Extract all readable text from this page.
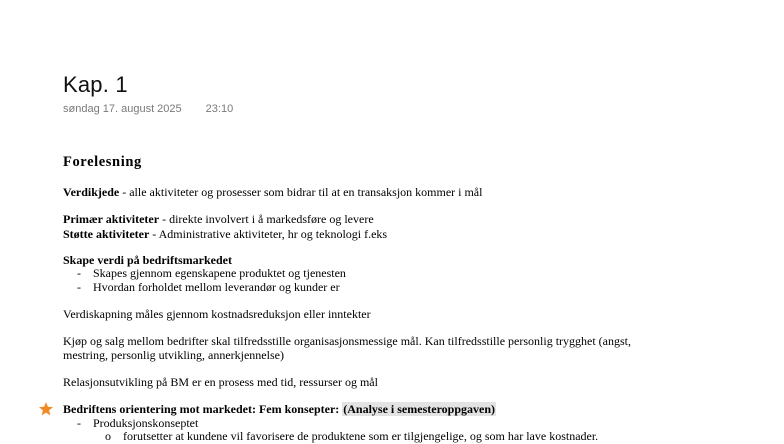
Kap. 1
søndag 17. august 2025 23:10
Forelesning
Verdikjede - alle aktiviteter og prosesser som bidrar til at en transaksjon kommer i mål
Primær aktiviteter - direkte involvert i å markedsføre og levere
Støtte aktiviteter - Administrative aktiviteter, hr og teknologi f.eks
Skape verdi på bedriftsmarkedet
- Skapes gjennom egenskapene produktet og tjenesten
- Hvordan forholdet mellom leverandør og kunder er
Verdiskapning måles gjennom kostnadsreduksjon eller inntekter
Kjøp og salg mellom bedrifter skal tilfredsstille organisasjonsmessige mål. Kan tilfredsstille personlig trygghet (angst,
mestring, personlig utvikling, annerkjennelse)
Relasjonsutvikling på BM er en prosess med tid, ressurser og mål
Bedriftens orientering mot markedet: Fem konsepter: (Analyse i semesteroppgaven)
- Produksjonskonseptet
o forutsetter at kundene vil favorisere de produktene som er tilgjengelige, og som har lave kostnader.
